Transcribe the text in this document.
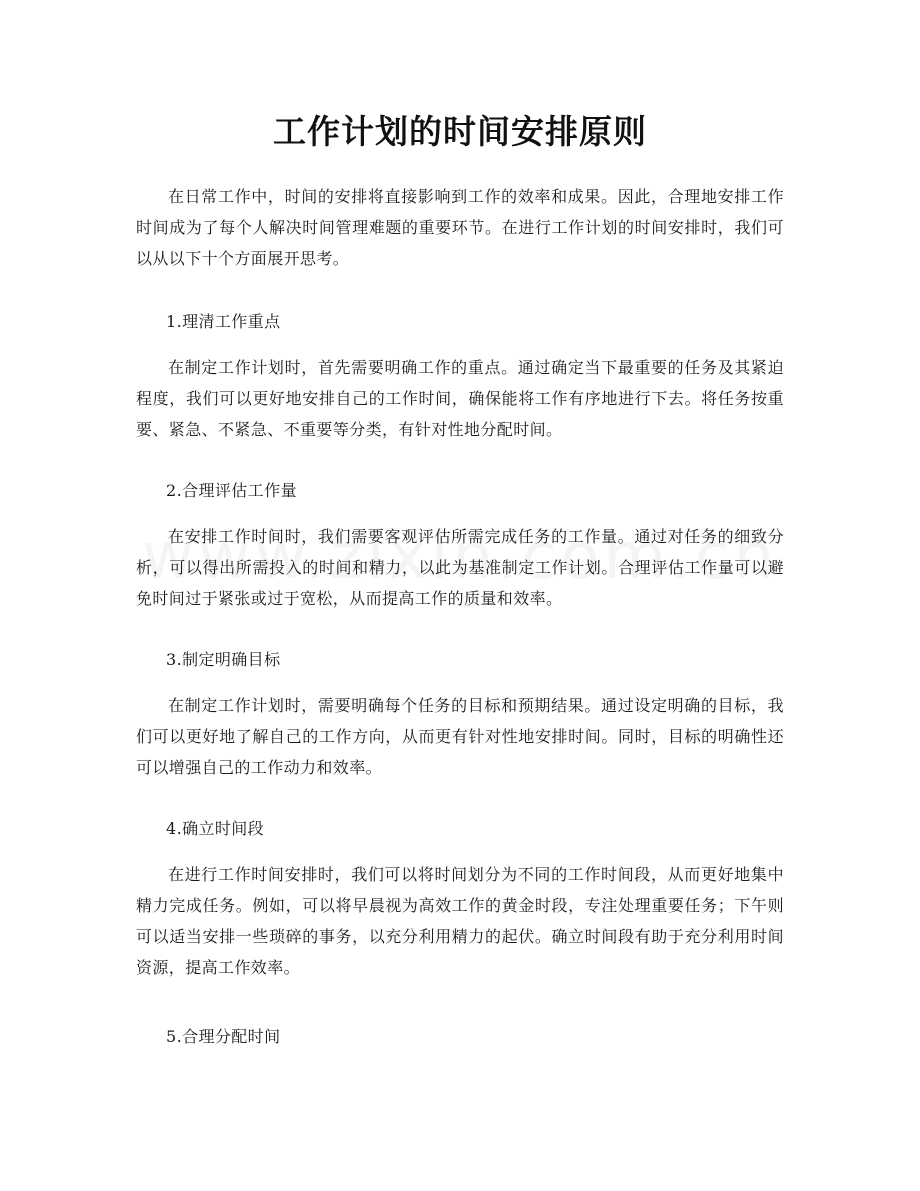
工作计划的时间安排原则

在日常工作中，时间的安排将直接影响到工作的效率和成果。因此，合理地安排工作时间成为了每个人解决时间管理难题的重要环节。在进行工作计划的时间安排时，我们可以从以下十个方面展开思考。

1.理清工作重点

在制定工作计划时，首先需要明确工作的重点。通过确定当下最重要的任务及其紧迫程度，我们可以更好地安排自己的工作时间，确保能将工作有序地进行下去。将任务按重要、紧急、不紧急、不重要等分类，有针对性地分配时间。

2.合理评估工作量

在安排工作时间时，我们需要客观评估所需完成任务的工作量。通过对任务的细致分析，可以得出所需投入的时间和精力，以此为基准制定工作计划。合理评估工作量可以避免时间过于紧张或过于宽松，从而提高工作的质量和效率。

3.制定明确目标

在制定工作计划时，需要明确每个任务的目标和预期结果。通过设定明确的目标，我们可以更好地了解自己的工作方向，从而更有针对性地安排时间。同时，目标的明确性还可以增强自己的工作动力和效率。

4.确立时间段

在进行工作时间安排时，我们可以将时间划分为不同的工作时间段，从而更好地集中精力完成任务。例如，可以将早晨视为高效工作的黄金时段，专注处理重要任务；下午则可以适当安排一些琐碎的事务，以充分利用精力的起伏。确立时间段有助于充分利用时间资源，提高工作效率。

5.合理分配时间
